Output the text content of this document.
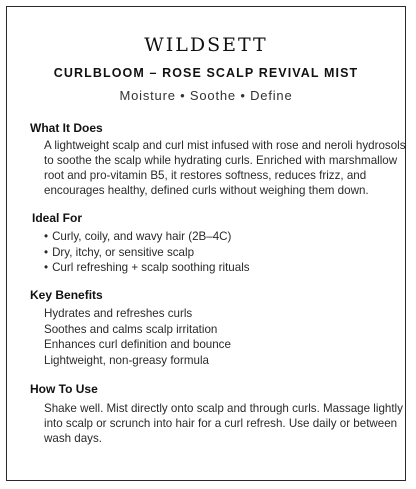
WILDSETT
CURLBLOOM – ROSE SCALP REVIVAL MIST
Moisture • Soothe • Define
What It Does
A lightweight scalp and curl mist infused with rose and neroli hydrosols to soothe the scalp while hydrating curls. Enriched with marshmallow root and pro-vitamin B5, it restores softness, reduces frizz, and encourages healthy, defined curls without weighing them down.
Ideal For
• Curly, coily, and wavy hair (2B–4C)
• Dry, itchy, or sensitive scalp
• Curl refreshing + scalp soothing rituals
Key Benefits
Hydrates and refreshes curls
Soothes and calms scalp irritation
Enhances curl definition and bounce
Lightweight, non-greasy formula
How To Use
Shake well. Mist directly onto scalp and through curls. Massage lightly into scalp or scrunch into hair for a curl refresh. Use daily or between wash days.
